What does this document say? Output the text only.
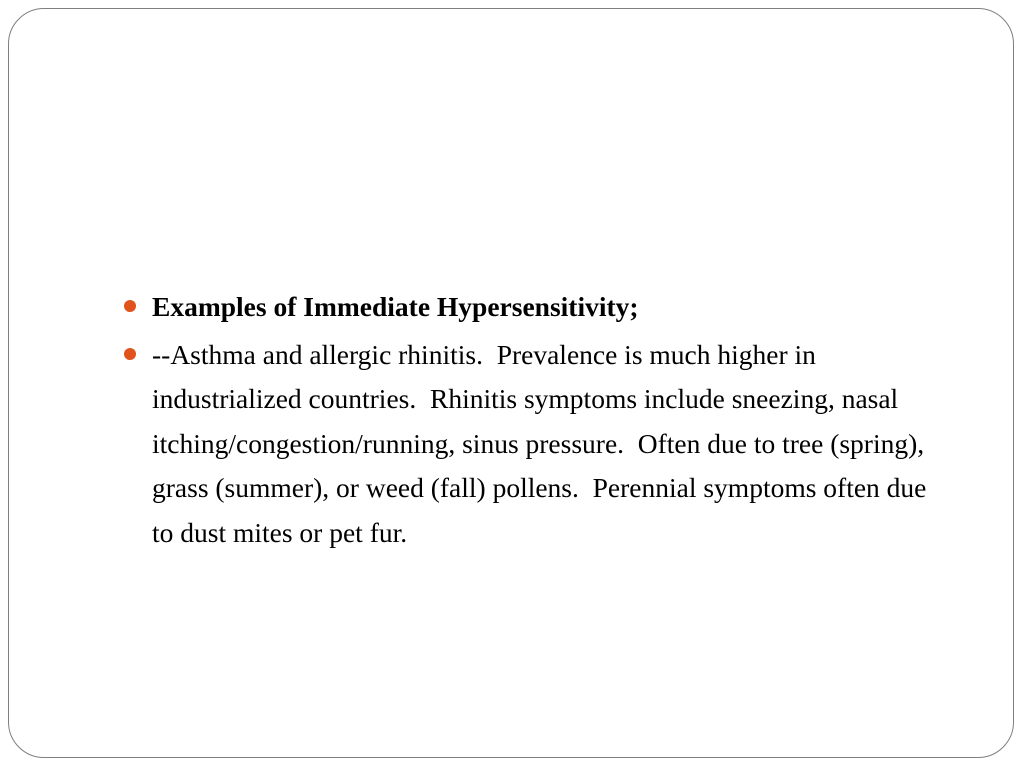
Examples of Immediate Hypersensitivity;
--Asthma and allergic rhinitis.  Prevalence is much higher in industrialized countries.  Rhinitis symptoms include sneezing, nasal itching/congestion/running, sinus pressure.  Often due to tree (spring), grass (summer), or weed (fall) pollens.  Perennial symptoms often due to dust mites or pet fur.
